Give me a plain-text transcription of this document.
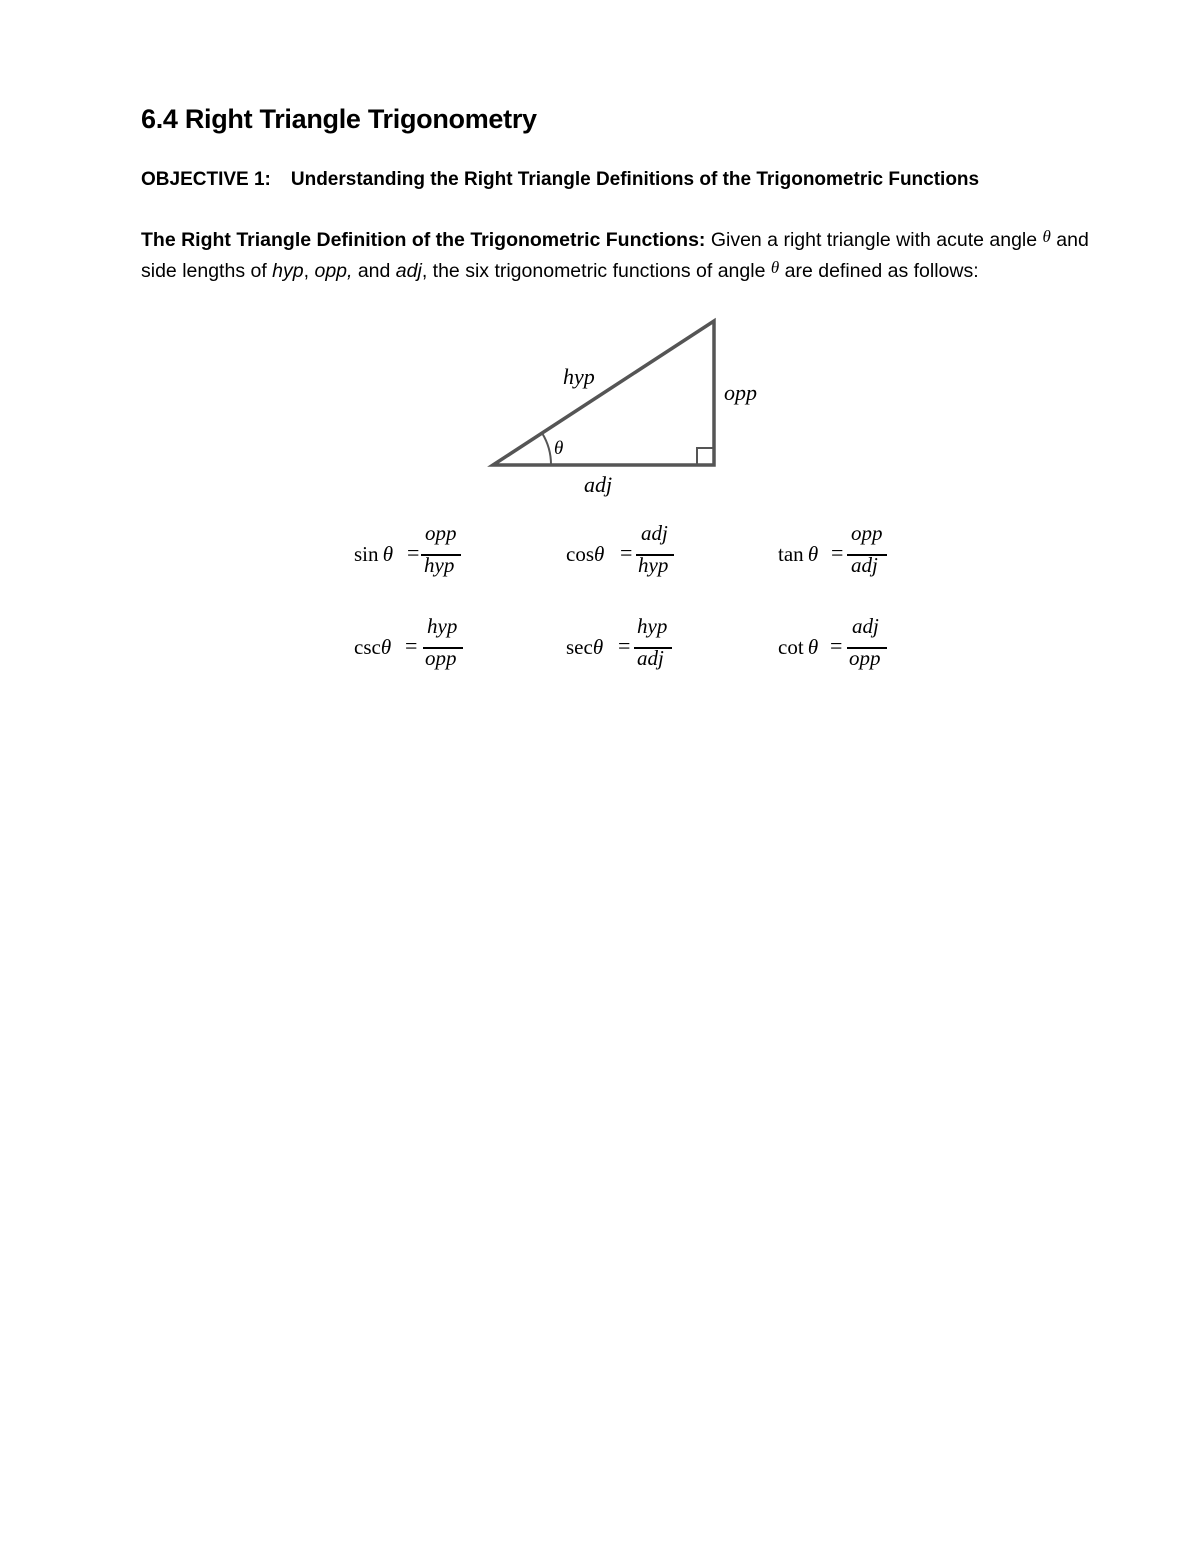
6.4 Right Triangle Trigonometry
OBJECTIVE 1: Understanding the Right Triangle Definitions of the Trigonometric Functions
The Right Triangle Definition of the Trigonometric Functions: Given a right triangle with acute angle θ and side lengths of hyp, opp, and adj, the six trigonometric functions of angle θ are defined as follows:
hyp
opp
adj
θ
sin  θ =
opp
hyp	cosθ =
adj
hyp	tan  θ =
opp
adj
cscθ =
hyp
opp	secθ =
hyp
adj	cot  θ =
adj
opp
